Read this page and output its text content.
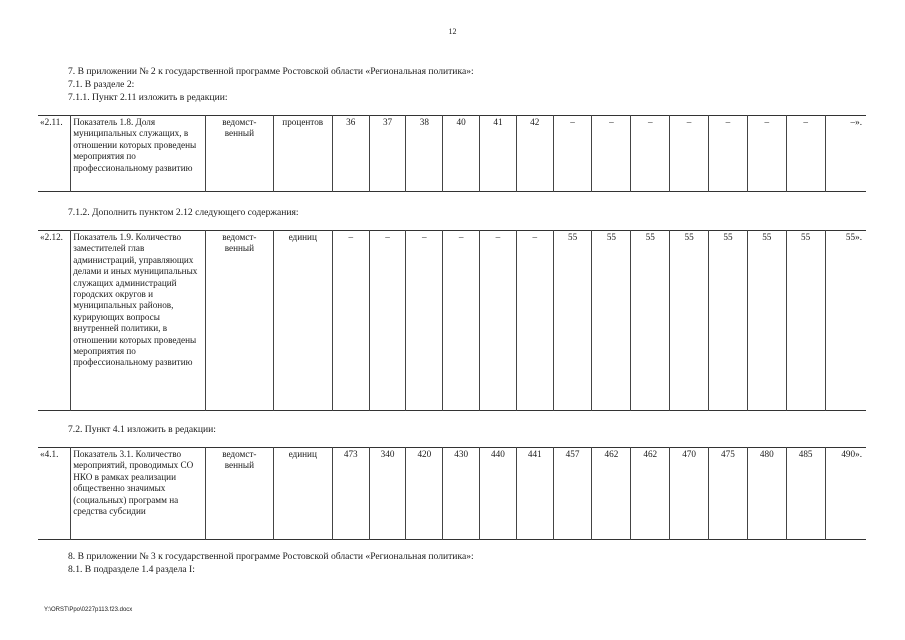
12
7. В приложении № 2 к государственной программе Ростовской области «Региональная политика»:
7.1. В разделе 2:
7.1.1. Пункт 2.11 изложить в редакции:
«2.11.	Показатель 1.8. Доля муниципальных служащих, в отношении которых проведены мероприятия по профессиональному развитию	ведомст-венный	процентов	36	37	38	40	41	42	–	–	–	–	–	–	–	–».
7.1.2. Дополнить пунктом 2.12 следующего содержания:
«2.12.	Показатель 1.9. Количество заместителей глав администраций, управляющих делами и иных муниципальных служащих администраций городских округов и муниципальных районов, курирующих вопросы внутренней политики, в отношении которых проведены мероприятия по профессиональному развитию	ведомст-венный	единиц	–	–	–	–	–	–	55	55	55	55	55	55	55	55».
7.2. Пункт 4.1 изложить в редакции:
«4.1.	Показатель 3.1. Количество мероприятий, проводимых СО НКО в рамках реализации общественно значимых (социальных) программ на средства субсидии	ведомст-венный	единиц	473	340	420	430	440	441	457	462	462	470	475	480	485	490».
8. В приложении № 3 к государственной программе Ростовской области «Региональная политика»:
8.1. В подразделе 1.4 раздела I:
Y:\ORST\Ppo\0227p113.f23.docx
